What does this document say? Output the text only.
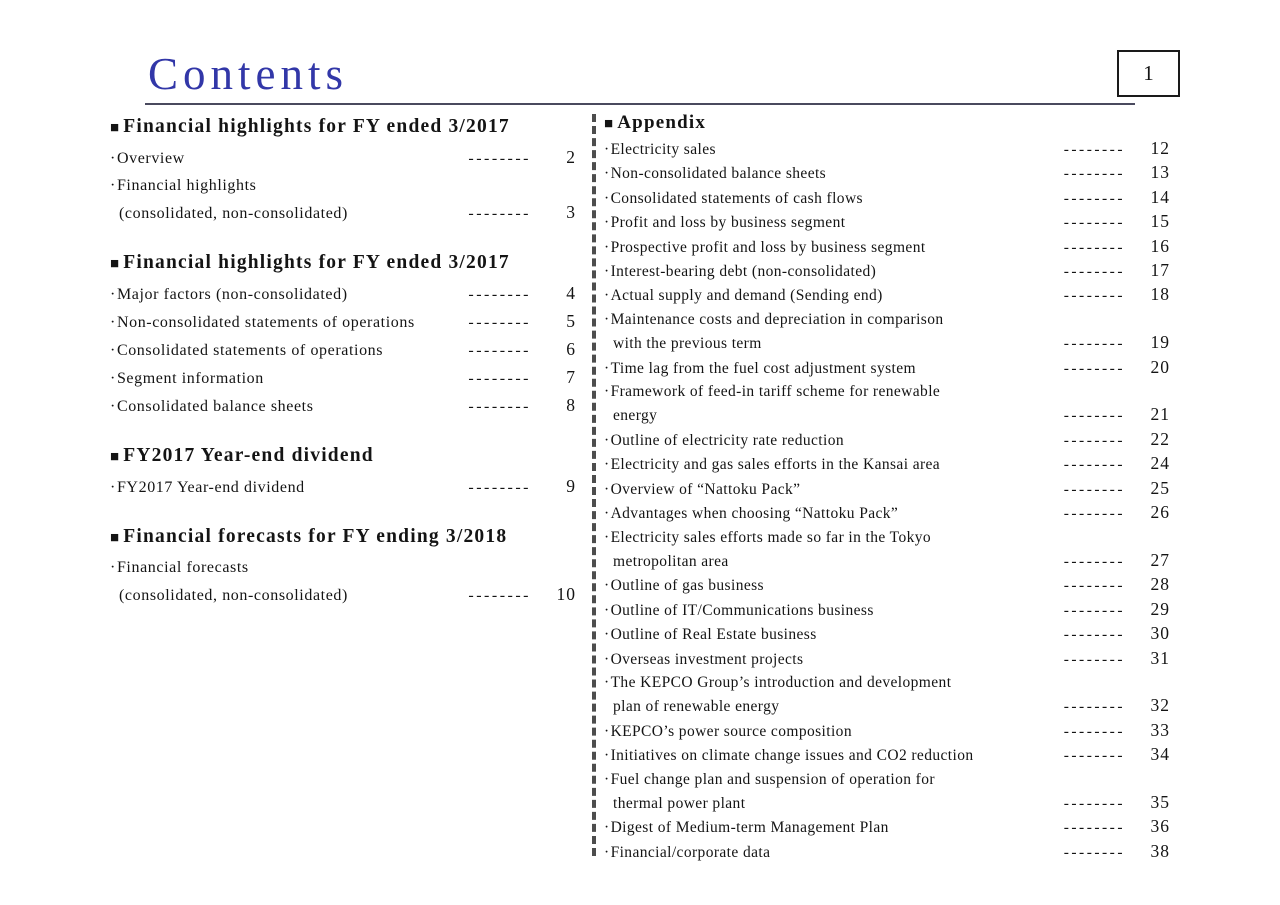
Contents	1
■ Financial highlights for FY ended 3/2017
·Overview	--------	2
·Financial highlights
(consolidated, non-consolidated)	--------	3
■ Financial highlights for FY ended 3/2017
·Major factors (non-consolidated)	--------	4
·Non-consolidated statements of operations	--------	5
·Consolidated statements of operations	--------	6
·Segment information	--------	7
·Consolidated balance sheets	--------	8
■ FY2017 Year-end dividend
·FY2017 Year-end dividend	--------	9
■ Financial forecasts for FY ending 3/2018
·Financial forecasts
(consolidated, non-consolidated)	--------	10
■ Appendix
·Electricity sales	--------	12
·Non-consolidated balance sheets	--------	13
·Consolidated statements of cash flows	--------	14
·Profit and loss by business segment	--------	15
·Prospective profit and loss by business segment	--------	16
·Interest-bearing debt (non-consolidated)	--------	17
·Actual supply and demand (Sending end)	--------	18
·Maintenance costs and depreciation in comparison
with the previous term	--------	19
·Time lag from the fuel cost adjustment system	--------	20
·Framework of feed-in tariff scheme for renewable
energy	--------	21
·Outline of electricity rate reduction	--------	22
·Electricity and gas sales efforts in the Kansai area	--------	24
·Overview of “Nattoku Pack”	--------	25
·Advantages when choosing “Nattoku Pack”	--------	26
·Electricity sales efforts made so far in the Tokyo
metropolitan area	--------	27
·Outline of gas business	--------	28
·Outline of IT/Communications business	--------	29
·Outline of Real Estate business	--------	30
·Overseas investment projects	--------	31
·The KEPCO Group’s introduction and development
plan of renewable energy	--------	32
·KEPCO’s power source composition	--------	33
·Initiatives on climate change issues and CO2 reduction	--------	34
·Fuel change plan and suspension of operation for
thermal power plant	--------	35
·Digest of Medium-term Management Plan	--------	36
·Financial/corporate data	--------	38
